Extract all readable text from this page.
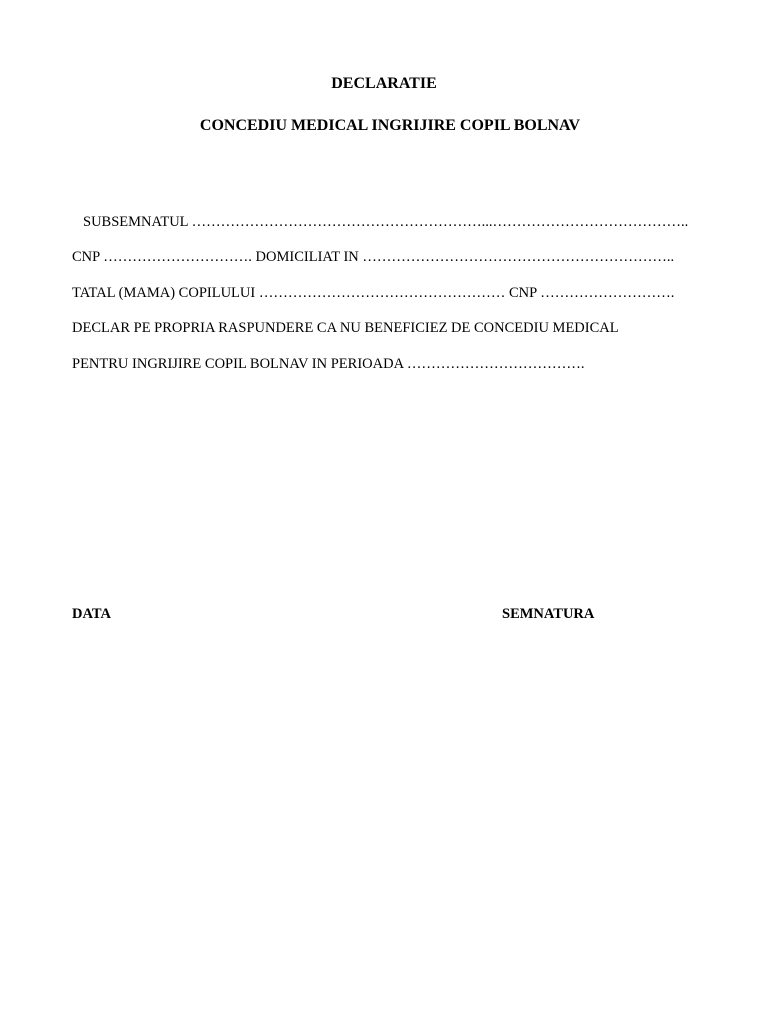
DECLARATIE
CONCEDIU MEDICAL INGRIJIRE COPIL BOLNAV
SUBSEMNATUL ……………………………………………………...…………………………………..
CNP …………………………. DOMICILIAT IN ………………………………………………………..
TATAL (MAMA) COPILULUI …………………………………………… CNP ……………………….
DECLAR PE PROPRIA RASPUNDERE CA NU BENEFICIEZ DE CONCEDIU MEDICAL
PENTRU INGRIJIRE COPIL BOLNAV IN PERIOADA ……………………………….
DATA	SEMNATURA
